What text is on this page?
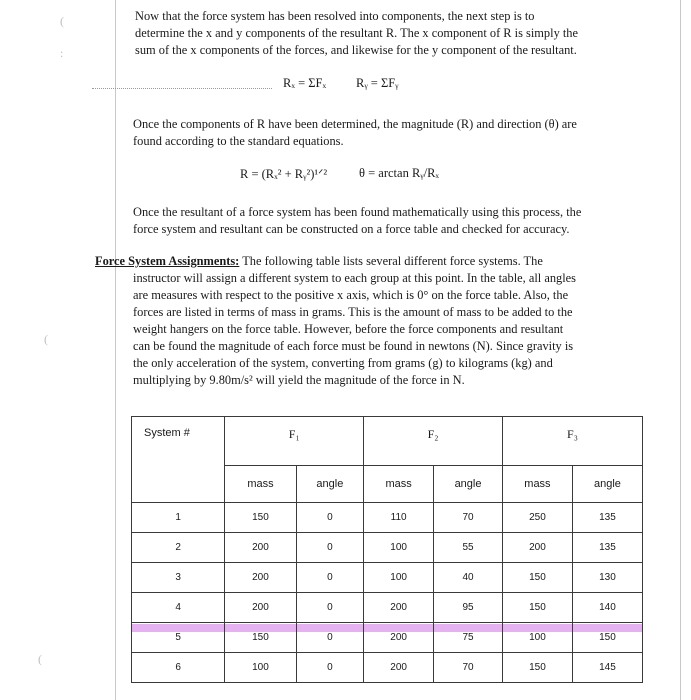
(
:
(
(

Now that the force system has been resolved into components, the next step is to

determine the x and y components of the resultant R. The x component of R is simply the

sum of the x components of the forces, and likewise for the y component of the resultant.

Rₓ = ΣFₓ Rᵧ = ΣFᵧ

Once the components of R have been determined, the magnitude (R) and direction (θ) are

found according to the standard equations.

R = (Rₓ² + Rᵧ²)¹ᐟ²	θ = arctan Rᵧ/Rₓ

Once the resultant of a force system has been found mathematically using this process, the

force system and resultant can be constructed on a force table and checked for accuracy.

Force System Assignments: The following table lists several different force systems. The

instructor will assign a different system to each group at this point. In the table, all angles

are measures with respect to the positive x axis, which is 0° on the force table. Also, the

forces are listed in terms of mass in grams. This is the amount of mass to be added to the

weight hangers on the force table. However, before the force components and resultant

can be found the magnitude of each force must be found in newtons (N). Since gravity is

the only acceleration of the system, converting from grams (g) to kilograms (kg) and

multiplying by 9.80m/s² will yield the magnitude of the force in N.

System #	F₁		F₂		F₃	
	mass	angle	mass	angle	mass	angle
1	150	0	110	70	250	135
2	200	0	100	55	200	135
3	200	0	100	40	150	130
4	200	0	200	95	150	140
5	150	0	200	75	100	150
6	100	0	200	70	150	145
